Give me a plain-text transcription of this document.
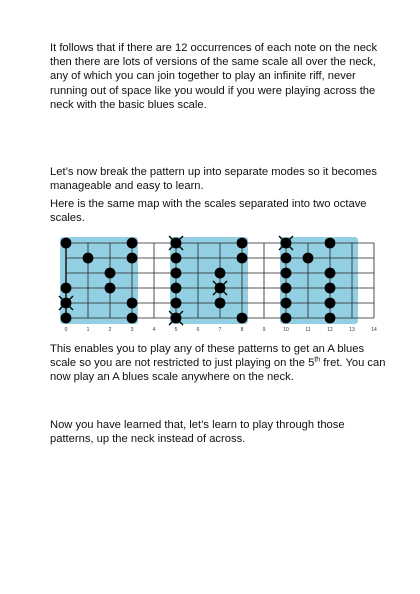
It follows that if there are 12 occurrences of each note on the neck then there are lots of versions of the same scale all over the neck, any of which you can join together to play an infinite riff, never running out of space like you would if you were playing across the neck with the basic blues scale.

Let’s now break the pattern up into separate modes so it becomes manageable and easy to learn.

Here is the same map with the scales separated into two octave scales.

0	1	2	3	4	5	6	7	8	9	10	11	12	13	14

This enables you to play any of these patterns to get an A blues scale so you are not restricted to just playing on the 5th fret. You can now play an A blues scale anywhere on the neck.

Now you have learned that, let’s learn to play through those patterns, up the neck instead of across.
